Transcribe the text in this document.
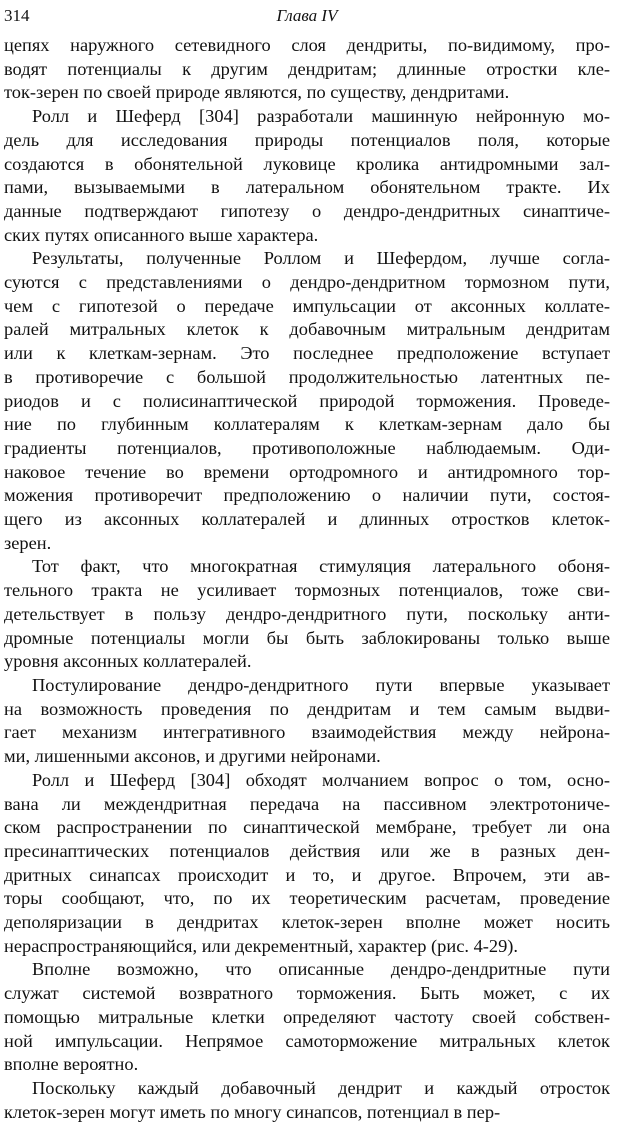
314	Глава IV
цепях наружного сетевидного слоя дендриты, по-видимому, про-
водят потенциалы к другим дендритам; длинные отростки кле-
ток-зерен по своей природе являются, по существу, дендритами.
Ролл и Шеферд [304] разработали машинную нейронную мо-
дель для исследования природы потенциалов поля, которые
создаются в обонятельной луковице кролика антидромными зал-
пами, вызываемыми в латеральном обонятельном тракте. Их
данные подтверждают гипотезу о дендро-дендритных синаптиче-
ских путях описанного выше характера.
Результаты, полученные Роллом и Шефердом, лучше согла-
суются с представлениями о дендро-дендритном тормозном пути,
чем с гипотезой о передаче импульсации от аксонных коллате-
ралей митральных клеток к добавочным митральным дендритам
или к клеткам-зернам. Это последнее предположение вступает
в противоречие с большой продолжительностью латентных пе-
риодов и с полисинаптической природой торможения. Проведе-
ние по глубинным коллатералям к клеткам-зернам дало бы
градиенты потенциалов, противоположные наблюдаемым. Оди-
наковое течение во времени ортодромного и антидромного тор-
можения противоречит предположению о наличии пути, состоя-
щего из аксонных коллатералей и длинных отростков клеток-
зерен.
Тот факт, что многократная стимуляция латерального обоня-
тельного тракта не усиливает тормозных потенциалов, тоже сви-
детельствует в пользу дендро-дендритного пути, поскольку анти-
дромные потенциалы могли бы быть заблокированы только выше
уровня аксонных коллатералей.
Постулирование дендро-дендритного пути впервые указывает
на возможность проведения по дендритам и тем самым выдви-
гает механизм интегративного взаимодействия между нейрона-
ми, лишенными аксонов, и другими нейронами.
Ролл и Шеферд [304] обходят молчанием вопрос о том, осно-
вана ли междендритная передача на пассивном электротониче-
ском распространении по синаптической мембране, требует ли она
пресинаптических потенциалов действия или же в разных ден-
дритных синапсах происходит и то, и другое. Впрочем, эти ав-
торы сообщают, что, по их теоретическим расчетам, проведение
деполяризации в дендритах клеток-зерен вполне может носить
нераспространяющийся, или декрементный, характер (рис. 4-29).
Вполне возможно, что описанные дендро-дендритные пути
служат системой возвратного торможения. Быть может, с их
помощью митральные клетки определяют частоту своей собствен-
ной импульсации. Непрямое самоторможение митральных клеток
вполне вероятно.
Поскольку каждый добавочный дендрит и каждый отросток
клеток-зерен могут иметь по многу синапсов, потенциал в пер-
